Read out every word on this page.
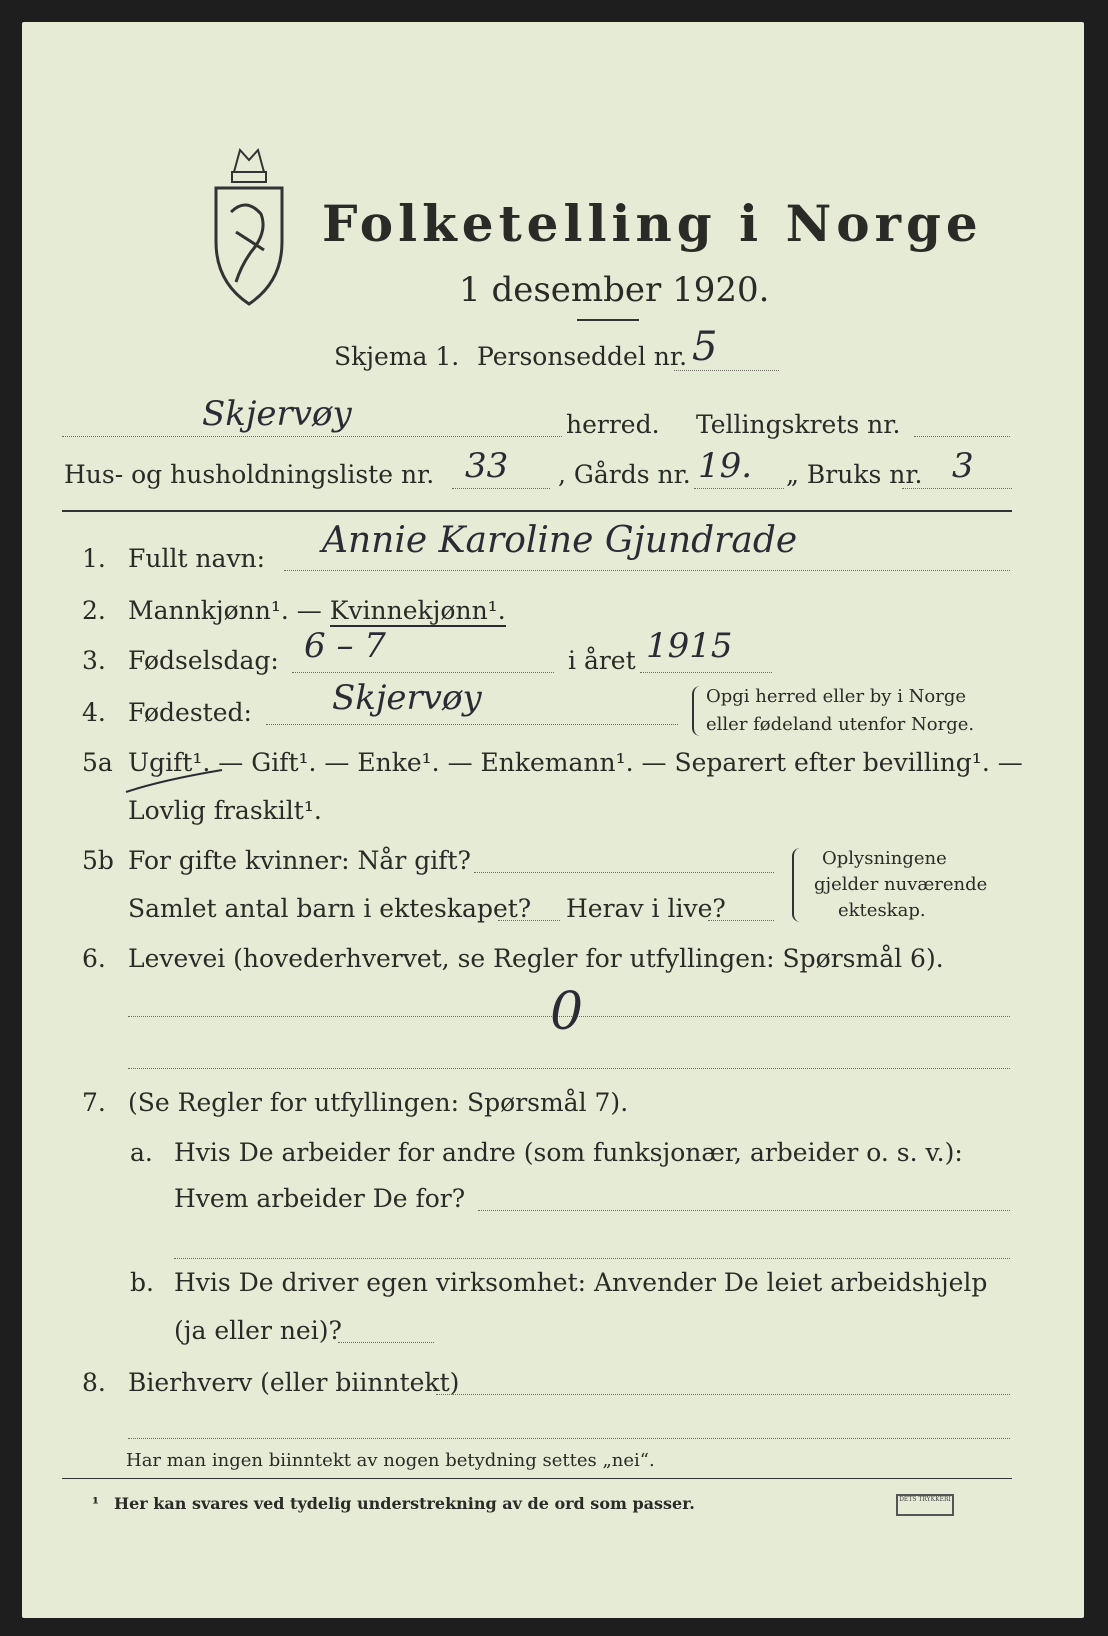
Folketelling i Norge
1 desember 1920.
Skjema 1. Personseddel nr. 5
Skjervøy	herred. Tellingskrets nr.
Hus- og husholdningsliste nr. 33 , Gårds nr. 19. „ Bruks nr. 3
1. Fullt navn: Annie Karoline Gjundrade
2. Mannkjønn¹. — Kvinnekjønn¹.
3. Fødselsdag: 6 – 7	i året 1915
4. Fødested: Skjervøy	Opgi herred eller by i Norge
eller fødeland utenfor Norge.
5a Ugift¹. — Gift¹. — Enke¹. — Enkemann¹. — Separert efter bevilling¹. —
Lovlig fraskilt¹.
5b For gifte kvinner: Når gift?
Samlet antal barn i ekteskapet? Herav i live?
Oplysningene
gjelder nuværende
ekteskap.
6. Levevei (hovederhvervet, se Regler for utfyllingen: Spørsmål 6).
0
7. (Se Regler for utfyllingen: Spørsmål 7).
a. Hvis De arbeider for andre (som funksjonær, arbeider o. s. v.):
Hvem arbeider De for?
b. Hvis De driver egen virksomhet: Anvender De leiet arbeidshjelp
(ja eller nei)?
8. Bierhverv (eller biinntekt)
Har man ingen biinntekt av nogen betydning settes „nei“.
¹ Her kan svares ved tydelig understrekning av de ord som passer.	DETS TRYKKERI
